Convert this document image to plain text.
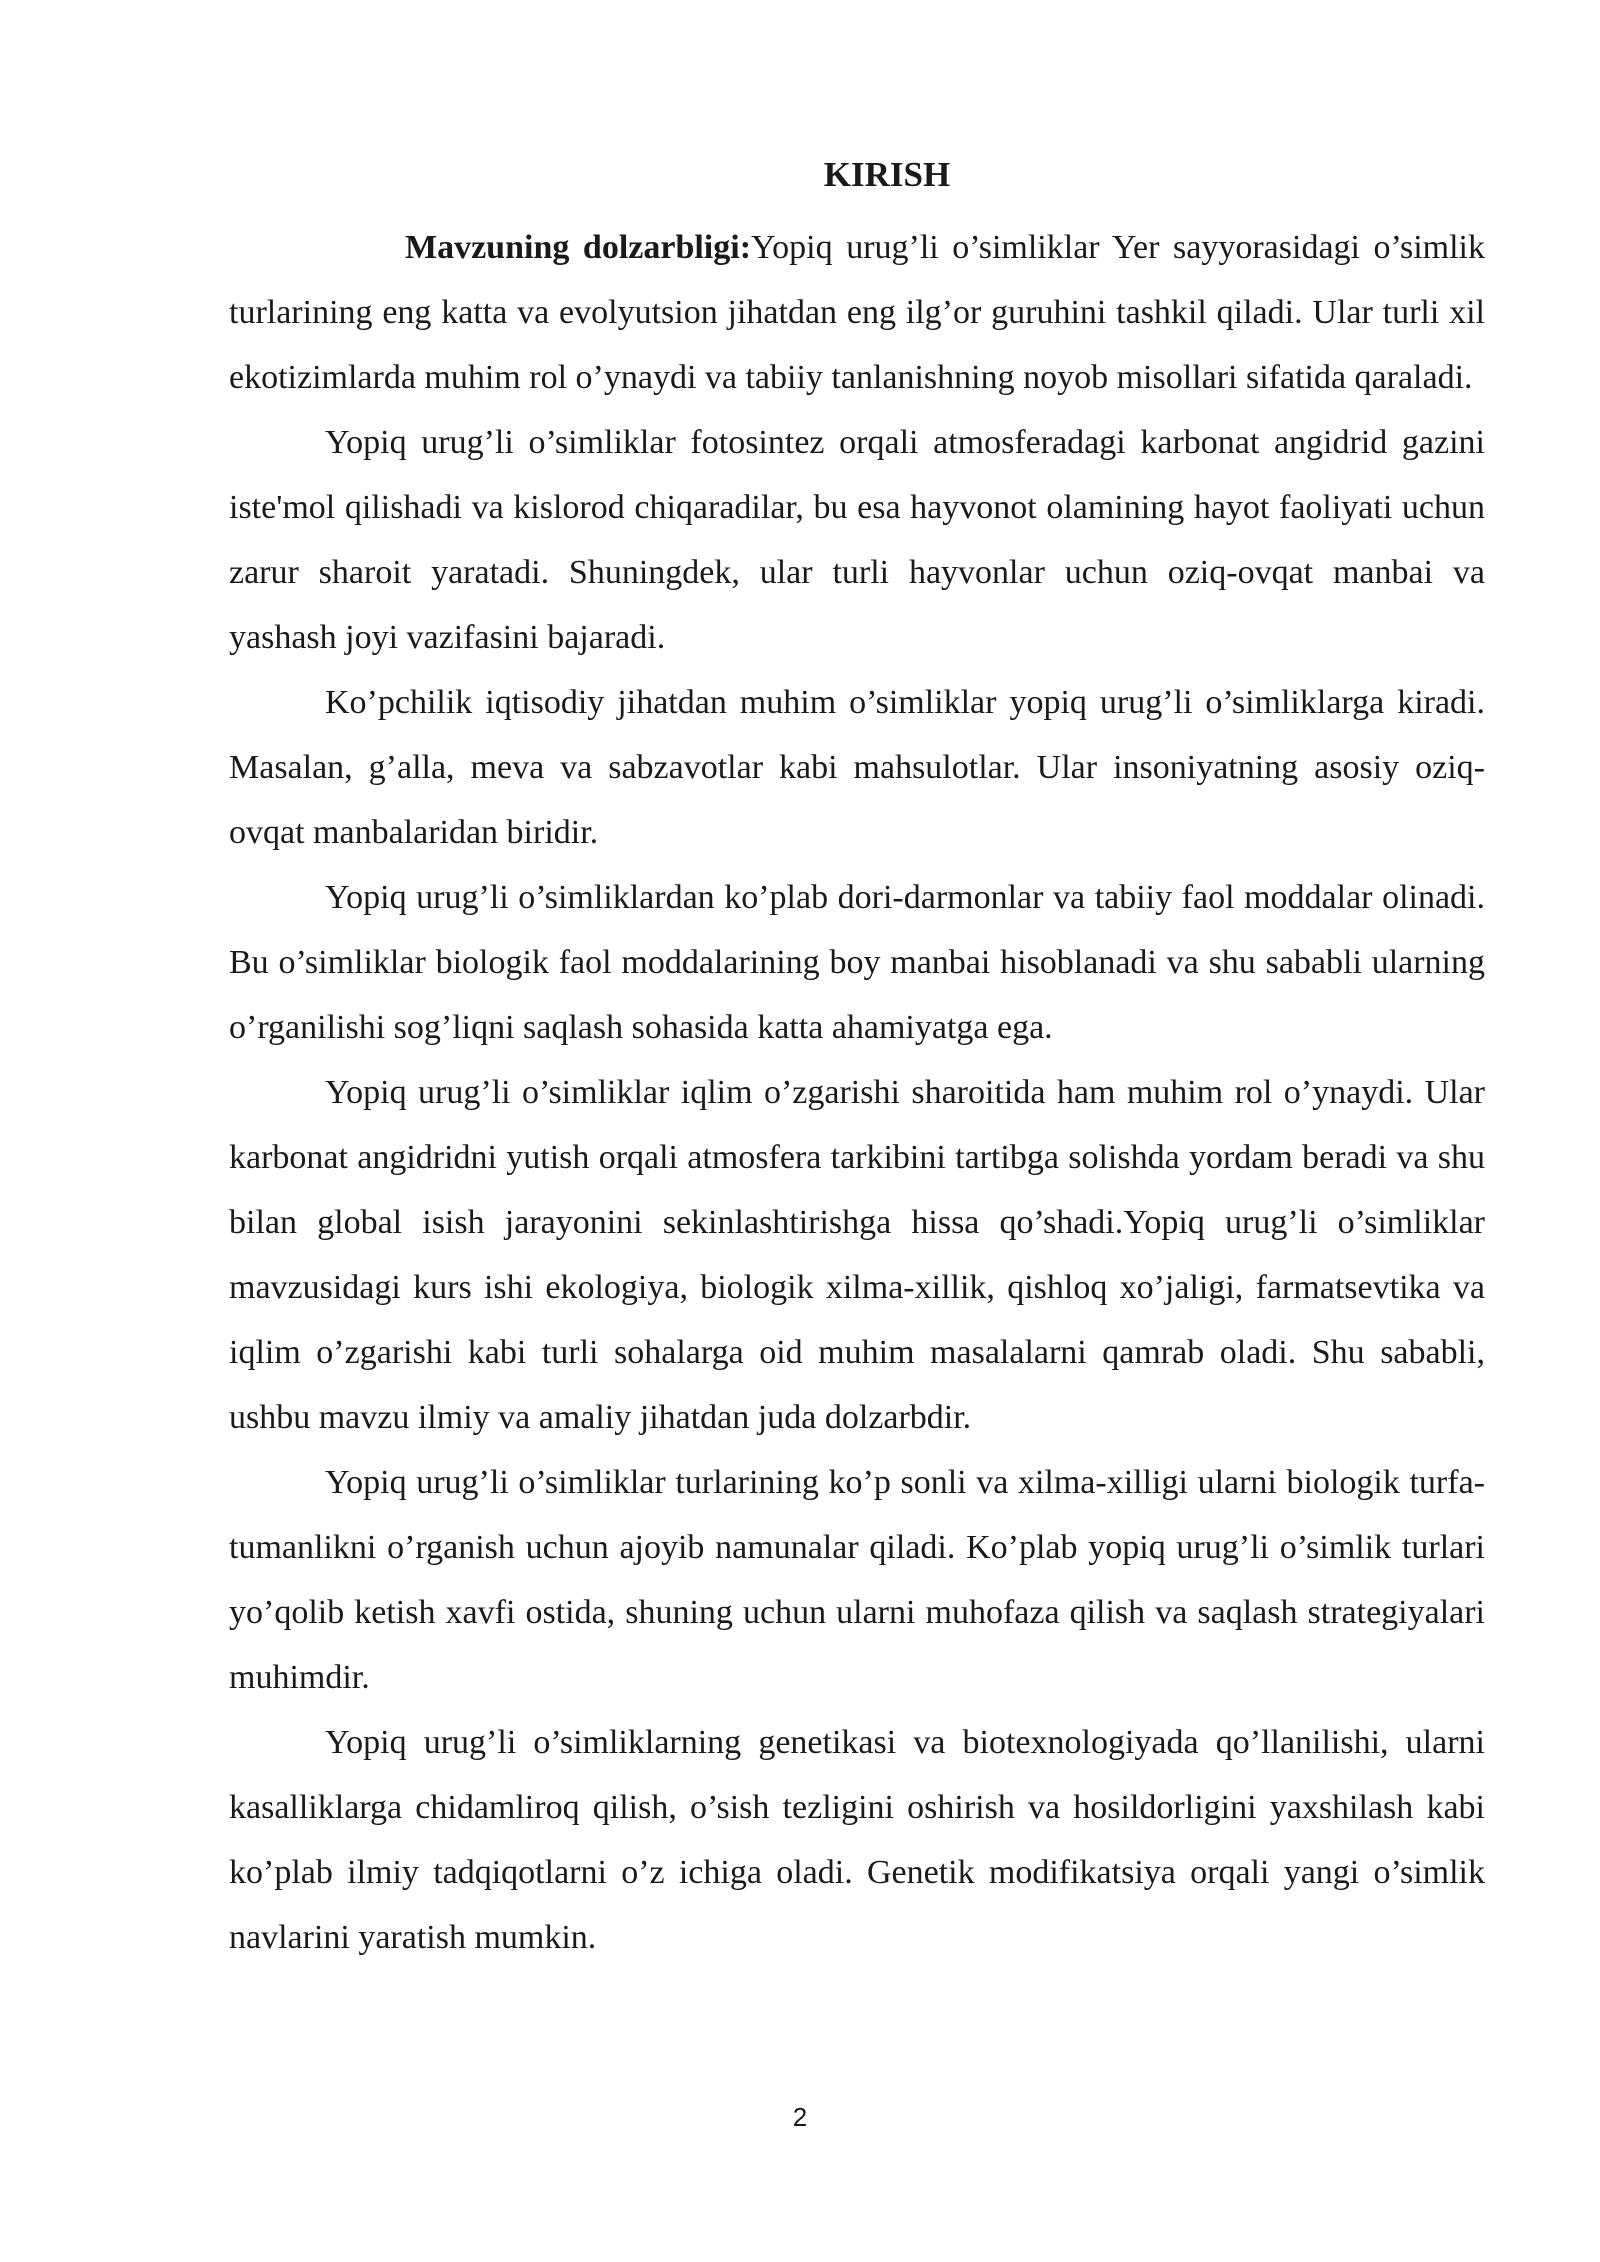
KIRISH

Mavzuning dolzarbligi:Yopiq urug’li o’simliklar Yer sayyorasidagi o’simlik turlarining eng katta va evolyutsion jihatdan eng ilg’or guruhini tashkil qiladi. Ular turli xil ekotizimlarda muhim rol o’ynaydi va tabiiy tanlanishning noyob misollari sifatida qaraladi.

Yopiq urug’li o’simliklar fotosintez orqali atmosferadagi karbonat angidrid gazini iste'mol qilishadi va kislorod chiqaradilar, bu esa hayvonot olamining hayot faoliyati uchun zarur sharoit yaratadi. Shuningdek, ular turli hayvonlar uchun oziq-ovqat manbai va yashash joyi vazifasini bajaradi.

Ko’pchilik iqtisodiy jihatdan muhim o’simliklar yopiq urug’li o’simliklarga kiradi. Masalan, g’alla, meva va sabzavotlar kabi mahsulotlar. Ular insoniyatning asosiy oziq-ovqat manbalaridan biridir.

Yopiq urug’li o’simliklardan ko’plab dori-darmonlar va tabiiy faol moddalar olinadi. Bu o’simliklar biologik faol moddalarining boy manbai hisoblanadi va shu sababli ularning o’rganilishi sog’liqni saqlash sohasida katta ahamiyatga ega.

Yopiq urug’li o’simliklar iqlim o’zgarishi sharoitida ham muhim rol o’ynaydi. Ular karbonat angidridni yutish orqali atmosfera tarkibini tartibga solishda yordam beradi va shu bilan global isish jarayonini sekinlashtirishga hissa qo’shadi.Yopiq urug’li o’simliklar mavzusidagi kurs ishi ekologiya, biologik xilma-xillik, qishloq xo’jaligi, farmatsevtika va iqlim o’zgarishi kabi turli sohalarga oid muhim masalalarni qamrab oladi. Shu sababli, ushbu mavzu ilmiy va amaliy jihatdan juda dolzarbdir.

Yopiq urug’li o’simliklar turlarining ko’p sonli va xilma-xilligi ularni biologik turfa-tumanlikni o’rganish uchun ajoyib namunalar qiladi. Ko’plab yopiq urug’li o’simlik turlari yo’qolib ketish xavfi ostida, shuning uchun ularni muhofaza qilish va saqlash strategiyalari muhimdir.

Yopiq urug’li o’simliklarning genetikasi va biotexnologiyada qo’llanilishi, ularni kasalliklarga chidamliroq qilish, o’sish tezligini oshirish va hosildorligini yaxshilash kabi ko’plab ilmiy tadqiqotlarni o’z ichiga oladi. Genetik modifikatsiya orqali yangi o’simlik navlarini yaratish mumkin.

2
